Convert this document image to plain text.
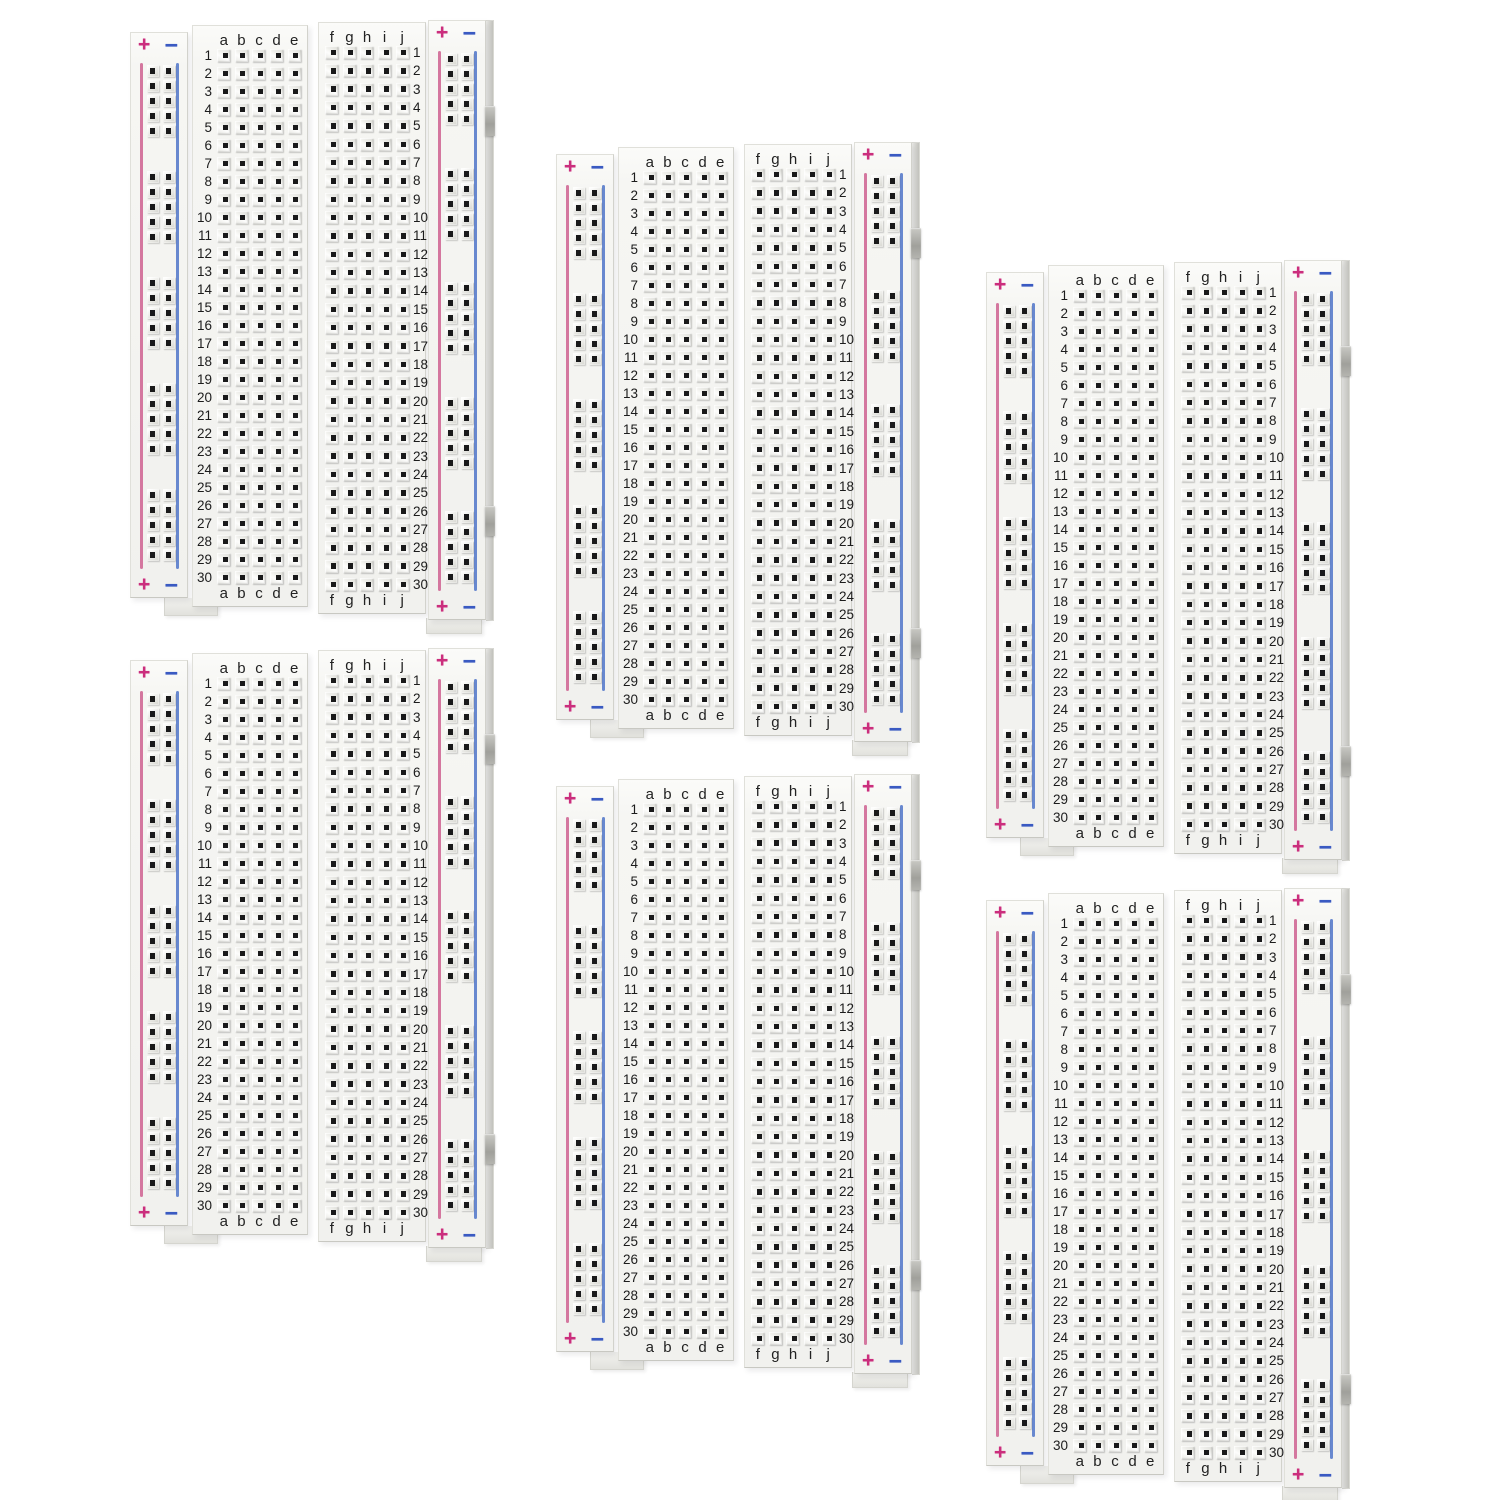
+ −
+ −
a b c d e
1
2
3
4
5
6
7
8
9
10
11
12
13
14
15
16
17
18
19
20
21
22
23
24
25
26
27
28
29
30
a b c d e
f g h i j
1
2
3
4
5
6
7
8
9
10
11
12
13
14
15
16
17
18
19
20
21
22
23
24
25
26
27
28
29
30
f g h i j
+ −
+ −
+ −
+ −
a b c d e
1
2
3
4
5
6
7
8
9
10
11
12
13
14
15
16
17
18
19
20
21
22
23
24
25
26
27
28
29
30
a b c d e
f g h i j
1
2
3
4
5
6
7
8
9
10
11
12
13
14
15
16
17
18
19
20
21
22
23
24
25
26
27
28
29
30
f g h i j
+ −
+ −
+ −
+ −
a b c d e
1
2
3
4
5
6
7
8
9
10
11
12
13
14
15
16
17
18
19
20
21
22
23
24
25
26
27
28
29
30
a b c d e
f g h i j
1
2
3
4
5
6
7
8
9
10
11
12
13
14
15
16
17
18
19
20
21
22
23
24
25
26
27
28
29
30
f g h i j
+ −
+ −
+ −
+ −
a b c d e
1
2
3
4
5
6
7
8
9
10
11
12
13
14
15
16
17
18
19
20
21
22
23
24
25
26
27
28
29
30
a b c d e
f g h i j
1
2
3
4
5
6
7
8
9
10
11
12
13
14
15
16
17
18
19
20
21
22
23
24
25
26
27
28
29
30
f g h i j
+ −
+ −
+ −
+ −
a b c d e
1
2
3
4
5
6
7
8
9
10
11
12
13
14
15
16
17
18
19
20
21
22
23
24
25
26
27
28
29
30
a b c d e
f g h i j
1
2
3
4
5
6
7
8
9
10
11
12
13
14
15
16
17
18
19
20
21
22
23
24
25
26
27
28
29
30
f g h i j
+ −
+ −
+ −
+ −
a b c d e
1
2
3
4
5
6
7
8
9
10
11
12
13
14
15
16
17
18
19
20
21
22
23
24
25
26
27
28
29
30
a b c d e
f g h i j
1
2
3
4
5
6
7
8
9
10
11
12
13
14
15
16
17
18
19
20
21
22
23
24
25
26
27
28
29
30
f g h i j
+ −
+ −
